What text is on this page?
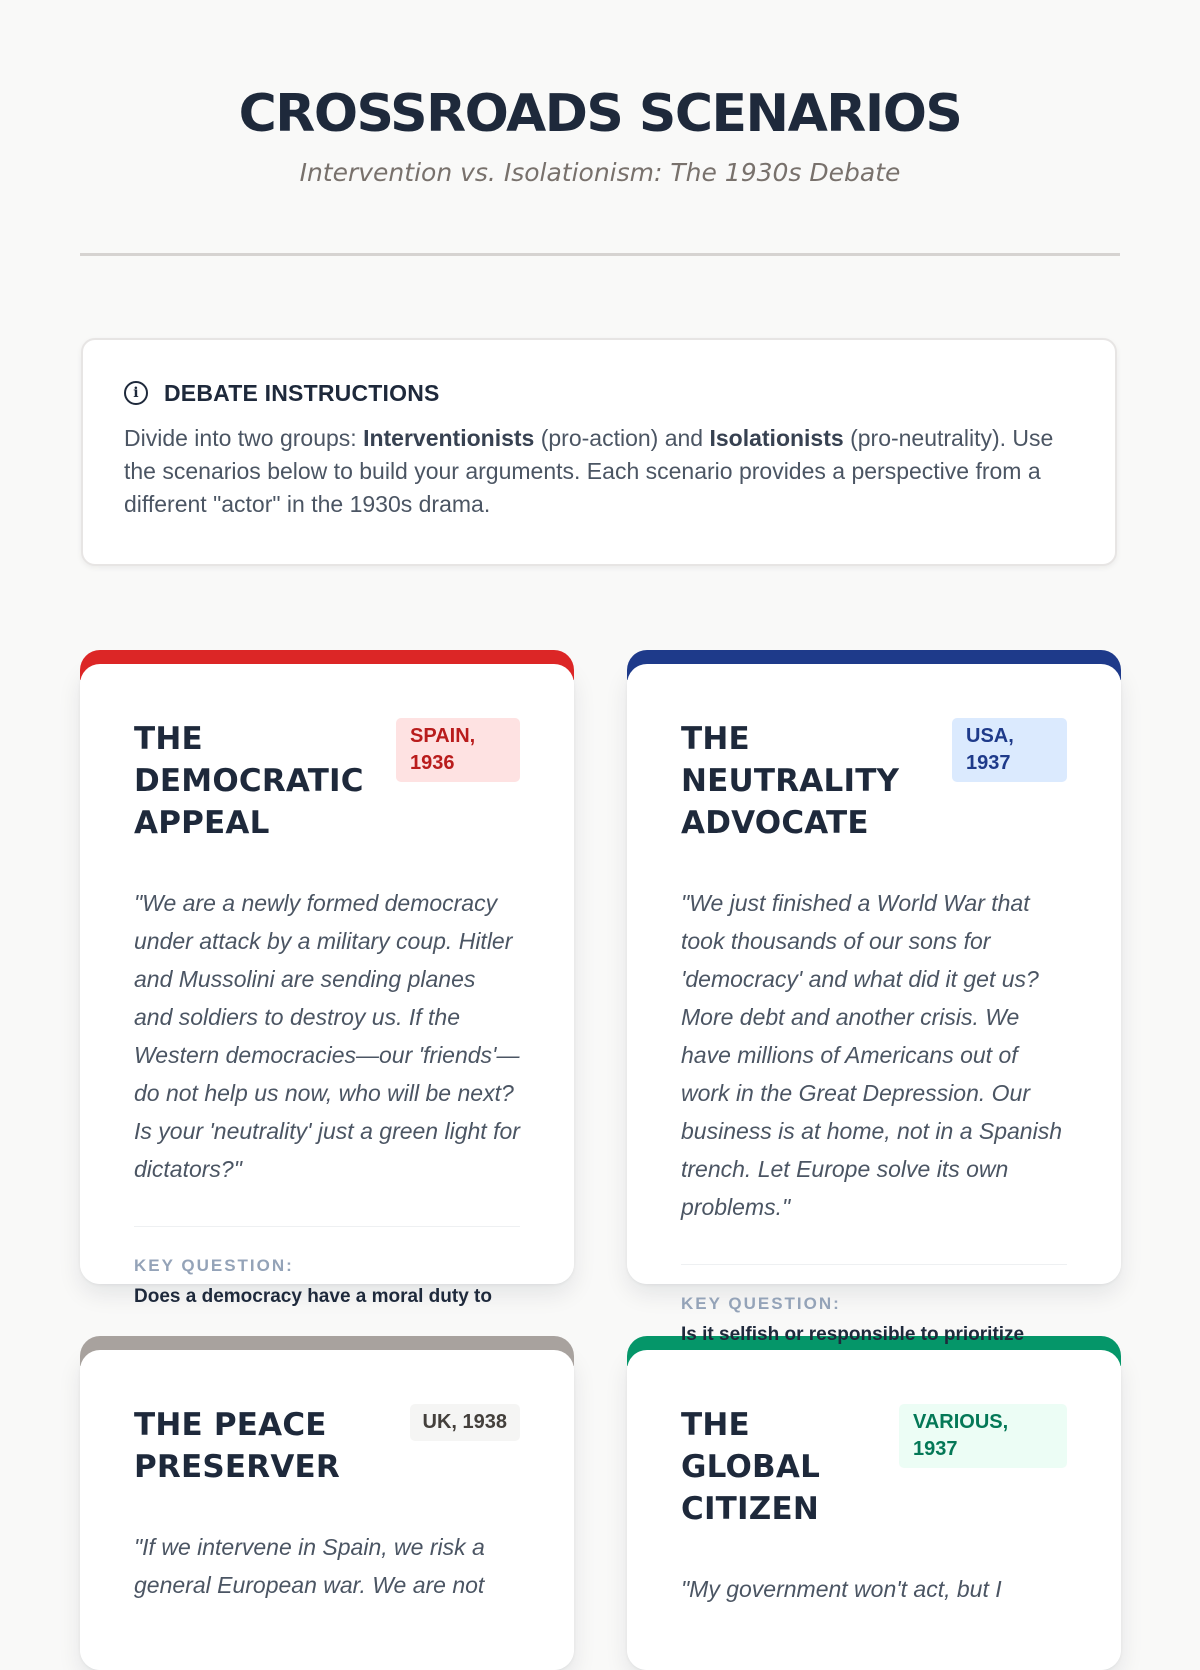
CROSSROADS SCENARIOS
Intervention vs. Isolationism: The 1930s Debate
i	DEBATE INSTRUCTIONS
Divide into two groups: Interventionists (pro-action) and Isolationists (pro-neutrality). Use the scenarios below to build your arguments. Each scenario provides a perspective from a different "actor" in the 1930s drama.
THE DEMOCRATIC APPEAL
SPAIN, 1936
"We are a newly formed democracy under attack by a military coup. Hitler and Mussolini are sending planes and soldiers to destroy us. If the Western democracies—our 'friends'—do not help us now, who will be next? Is your 'neutrality' just a green light for dictators?"
KEY QUESTION:
Does a democracy have a moral duty to
THE NEUTRALITY ADVOCATE
USA, 1937
"We just finished a World War that took thousands of our sons for 'democracy' and what did it get us? More debt and another crisis. We have millions of Americans out of work in the Great Depression. Our business is at home, not in a Spanish trench. Let Europe solve its own problems."
KEY QUESTION:
Is it selfish or responsible to prioritize
THE PEACE PRESERVER
UK, 1938
"If we intervene in Spain, we risk a general European war. We are not
THE GLOBAL CITIZEN
VARIOUS, 1937
"My government won't act, but I
